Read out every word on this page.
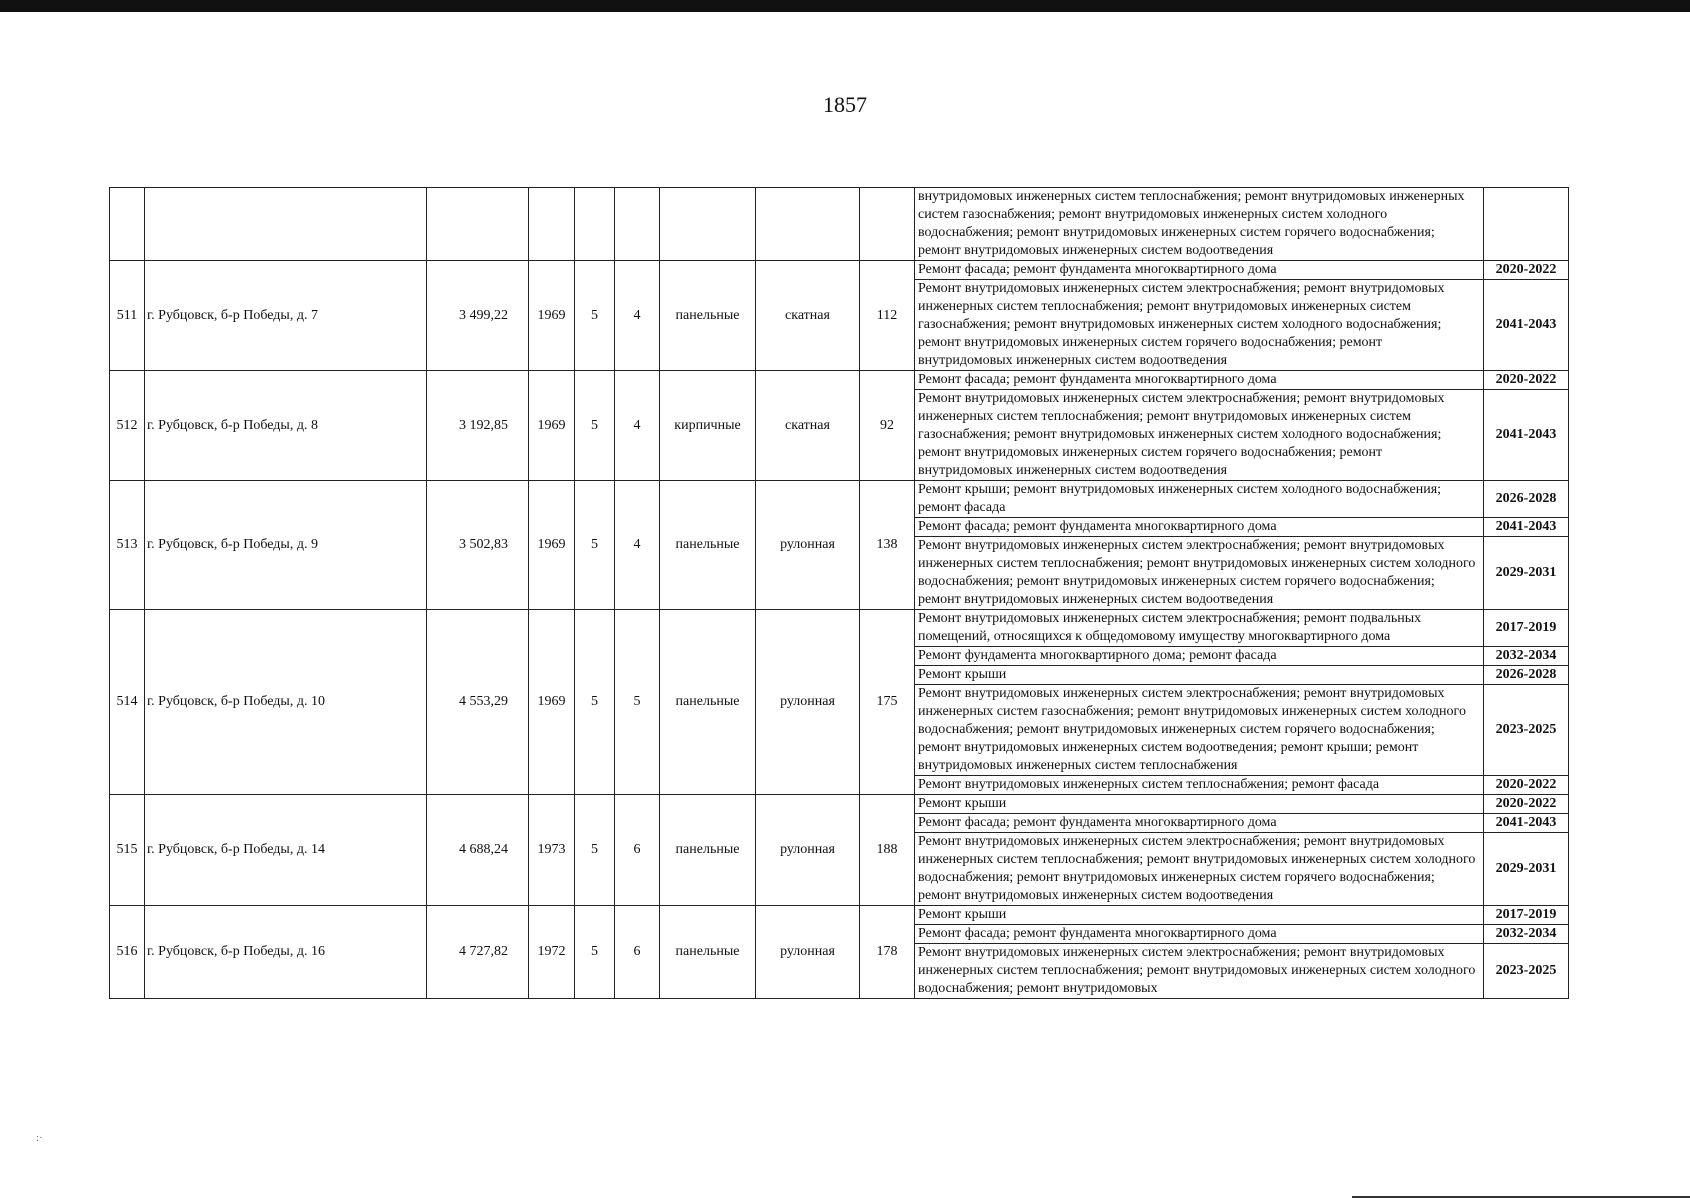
1857
									внутридомовых инженерных систем теплоснабжения; ремонт внутридомовых инженерных систем газоснабжения; ремонт внутридомовых инженерных систем холодного водоснабжения; ремонт внутридомовых инженерных систем горячего водоснабжения; ремонт внутридомовых инженерных систем водоотведения	
511	г. Рубцовск, б-р Победы, д. 7	3 499,22	1969	5	4	панельные	скатная	112	Ремонт фасада; ремонт фундамента многоквартирного дома	2020-2022
									Ремонт внутридомовых инженерных систем электроснабжения; ремонт внутридомовых инженерных систем теплоснабжения; ремонт внутридомовых инженерных систем газоснабжения; ремонт внутридомовых инженерных систем холодного водоснабжения; ремонт внутридомовых инженерных систем горячего водоснабжения; ремонт внутридомовых инженерных систем водоотведения	2041-2043
512	г. Рубцовск, б-р Победы, д. 8	3 192,85	1969	5	4	кирпичные	скатная	92	Ремонт фасада; ремонт фундамента многоквартирного дома	2020-2022
									Ремонт внутридомовых инженерных систем электроснабжения; ремонт внутридомовых инженерных систем теплоснабжения; ремонт внутридомовых инженерных систем газоснабжения; ремонт внутридомовых инженерных систем холодного водоснабжения; ремонт внутридомовых инженерных систем горячего водоснабжения; ремонт внутридомовых инженерных систем водоотведения	2041-2043
513	г. Рубцовск, б-р Победы, д. 9	3 502,83	1969	5	4	панельные	рулонная	138	Ремонт крыши; ремонт внутридомовых инженерных систем холодного водоснабжения; ремонт фасада	2026-2028
									Ремонт фасада; ремонт фундамента многоквартирного дома	2041-2043
									Ремонт внутридомовых инженерных систем электроснабжения; ремонт внутридомовых инженерных систем теплоснабжения; ремонт внутридомовых инженерных систем холодного водоснабжения; ремонт внутридомовых инженерных систем горячего водоснабжения; ремонт внутридомовых инженерных систем водоотведения	2029-2031
514	г. Рубцовск, б-р Победы, д. 10	4 553,29	1969	5	5	панельные	рулонная	175	Ремонт внутридомовых инженерных систем электроснабжения; ремонт подвальных помещений, относящихся к общедомовому имуществу многоквартирного дома	2017-2019
									Ремонт фундамента многоквартирного дома; ремонт фасада	2032-2034
									Ремонт крыши	2026-2028
									Ремонт внутридомовых инженерных систем электроснабжения; ремонт внутридомовых инженерных систем газоснабжения; ремонт внутридомовых инженерных систем холодного водоснабжения; ремонт внутридомовых инженерных систем горячего водоснабжения; ремонт внутридомовых инженерных систем водоотведения; ремонт крыши; ремонт внутридомовых инженерных систем теплоснабжения	2023-2025
									Ремонт внутридомовых инженерных систем теплоснабжения; ремонт фасада	2020-2022
515	г. Рубцовск, б-р Победы, д. 14	4 688,24	1973	5	6	панельные	рулонная	188	Ремонт крыши	2020-2022
									Ремонт фасада; ремонт фундамента многоквартирного дома	2041-2043
									Ремонт внутридомовых инженерных систем электроснабжения; ремонт внутридомовых инженерных систем теплоснабжения; ремонт внутридомовых инженерных систем холодного водоснабжения; ремонт внутридомовых инженерных систем горячего водоснабжения; ремонт внутридомовых инженерных систем водоотведения	2029-2031
516	г. Рубцовск, б-р Победы, д. 16	4 727,82	1972	5	6	панельные	рулонная	178	Ремонт крыши	2017-2019
									Ремонт фасада; ремонт фундамента многоквартирного дома	2032-2034
									Ремонт внутридомовых инженерных систем электроснабжения; ремонт внутридомовых инженерных систем теплоснабжения; ремонт внутридомовых инженерных систем холодного водоснабжения; ремонт внутридомовых	2023-2025
:·
